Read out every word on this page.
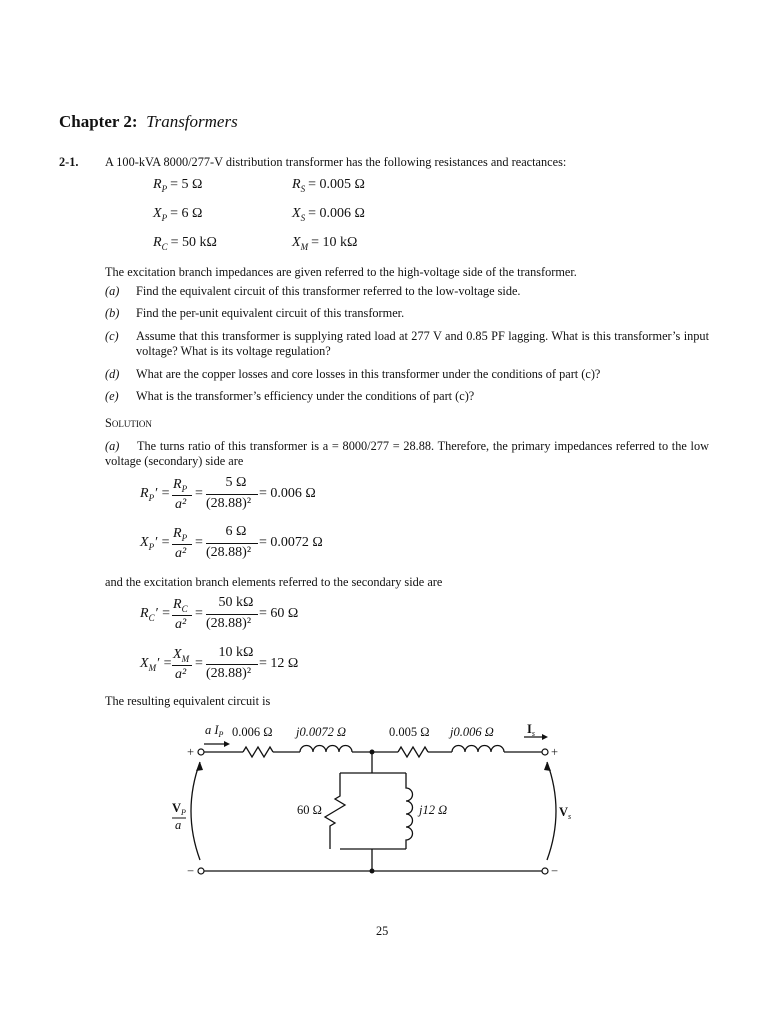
Chapter 2: Transformers
2-1. A 100-kVA 8000/277-V distribution transformer has the following resistances and reactances:
$R_P = 5$ Ω	$R_S = 0.005$ Ω
$X_P = 6$ Ω	$X_S = 0.006$ Ω
$R_C = 50$ kΩ	$X_M = 10$ kΩ
The excitation branch impedances are given referred to the high-voltage side of the transformer.
(a) Find the equivalent circuit of this transformer referred to the low-voltage side.
(b) Find the per-unit equivalent circuit of this transformer.
(c) Assume that this transformer is supplying rated load at 277 V and 0.85 PF lagging. What is this transformer’s input voltage? What is its voltage regulation?
(d) What are the copper losses and core losses in this transformer under the conditions of part (c)?
(e) What is the transformer’s efficiency under the conditions of part (c)?
Solution
(a)	The turns ratio of this transformer is a = 8000/277 = 28.88. Therefore, the primary impedances referred to the low voltage (secondary) side are
$R_P'$ =
$R_P$
a²
=
5 Ω
(28.88)²
= 0.006 Ω
$X_P'$ =
$R_P$
a²
=
6 Ω
(28.88)²
= 0.0072 Ω
and the excitation branch elements referred to the secondary side are
$R_C'$ =
$R_C$
a²
=
50 kΩ
(28.88)²
= 60 Ω
$X_M'$ =
$X_M$
a²
=
10 kΩ
(28.88)²
= 12 Ω
The resulting equivalent circuit is
a $I_P$ 0.006 Ω j0.0072 Ω	0.005 Ω j0.006 Ω	$I_s$
60 Ω	j12 Ω
$V_P$
a
$V_s$
+
−
+
−
25
